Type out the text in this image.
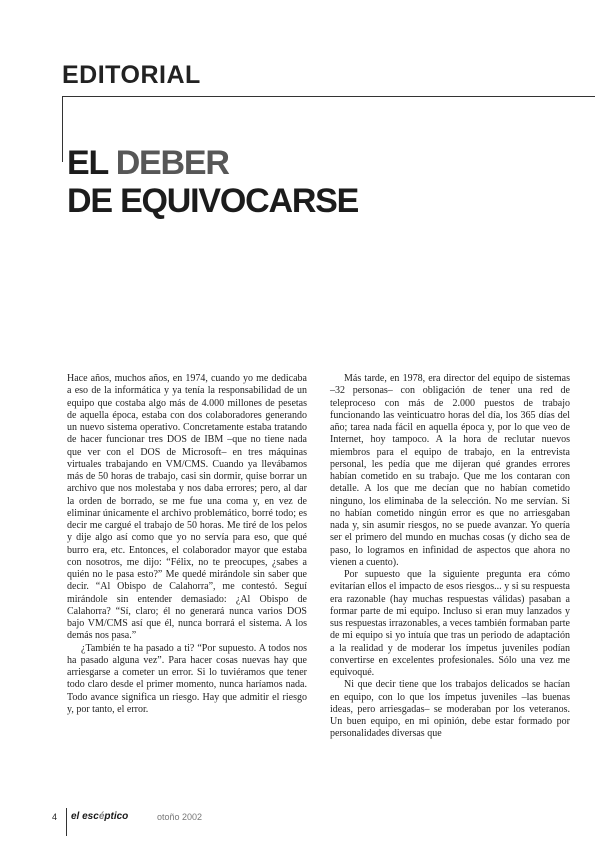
EDITORIAL
EL DEBER
DE EQUIVOCARSE

Hace años, muchos años, en 1974, cuando yo me dedicaba a eso de la informática y ya tenía la responsabilidad de un equipo que costaba algo más de 4.000 millones de pesetas de aquella época, estaba con dos colaboradores generando un nuevo sistema operativo. Concretamente estaba tratando de hacer funcionar tres DOS de IBM –que no tiene nada que ver con el DOS de Microsoft– en tres máquinas virtuales trabajando en VM/CMS. Cuando ya llevábamos más de 50 horas de trabajo, casi sin dormir, quise borrar un archivo que nos molestaba y nos daba errores; pero, al dar la orden de borrado, se me fue una coma y, en vez de eliminar únicamente el archivo problemático, borré todo; es decir me cargué el trabajo de 50 horas. Me tiré de los pelos y dije algo así como que yo no servía para eso, que qué burro era, etc. Entonces, el colaborador mayor que estaba con nosotros, me dijo: “Félix, no te preocupes, ¿sabes a quién no le pasa esto?” Me quedé mirándole sin saber que decir. “Al Obispo de Calahorra”, me contestó. Seguí mirándole sin entender demasiado: ¿Al Obispo de Calahorra? “Sí, claro; él no generará nunca varios DOS bajo VM/CMS así que él, nunca borrará el sistema. A los demás nos pasa.”

¿También te ha pasado a ti? “Por supuesto. A todos nos ha pasado alguna vez”. Para hacer cosas nuevas hay que arriesgarse a cometer un error. Si lo tuviéramos que tener todo claro desde el primer momento, nunca haríamos nada. Todo avance significa un riesgo. Hay que admitir el riesgo y, por tanto, el error.

Más tarde, en 1978, era director del equipo de sistemas –32 personas– con obligación de tener una red de teleproceso con más de 2.000 puestos de trabajo funcionando las veinticuatro horas del día, los 365 días del año; tarea nada fácil en aquella época y, por lo que veo de Internet, hoy tampoco. A la hora de reclutar nuevos miembros para el equipo de trabajo, en la entrevista personal, les pedía que me dijeran qué grandes errores habían cometido en su trabajo. Que me los contaran con detalle. A los que me decían que no habían cometido ninguno, los eliminaba de la selección. No me servían. Si no habían cometido ningún error es que no arriesgaban nada y, sin asumir riesgos, no se puede avanzar. Yo quería ser el primero del mundo en muchas cosas (y dicho sea de paso, lo logramos en infinidad de aspectos que ahora no vienen a cuento).

Por supuesto que la siguiente pregunta era cómo evitarían ellos el impacto de esos riesgos... y si su respuesta era razonable (hay muchas respuestas válidas) pasaban a formar parte de mi equipo. Incluso si eran muy lanzados y sus respuestas irrazonables, a veces también formaban parte de mi equipo si yo intuía que tras un periodo de adaptación a la realidad y de moderar los ímpetus juveniles podían convertirse en excelentes profesionales. Sólo una vez me equivoqué.

Ni que decir tiene que los trabajos delicados se hacían en equipo, con lo que los ímpetus juveniles –las buenas ideas, pero arriesgadas– se moderaban por los veteranos. Un buen equipo, en mi opinión, debe estar formado por personalidades diversas que

4 el escéptico	otoño 2002
